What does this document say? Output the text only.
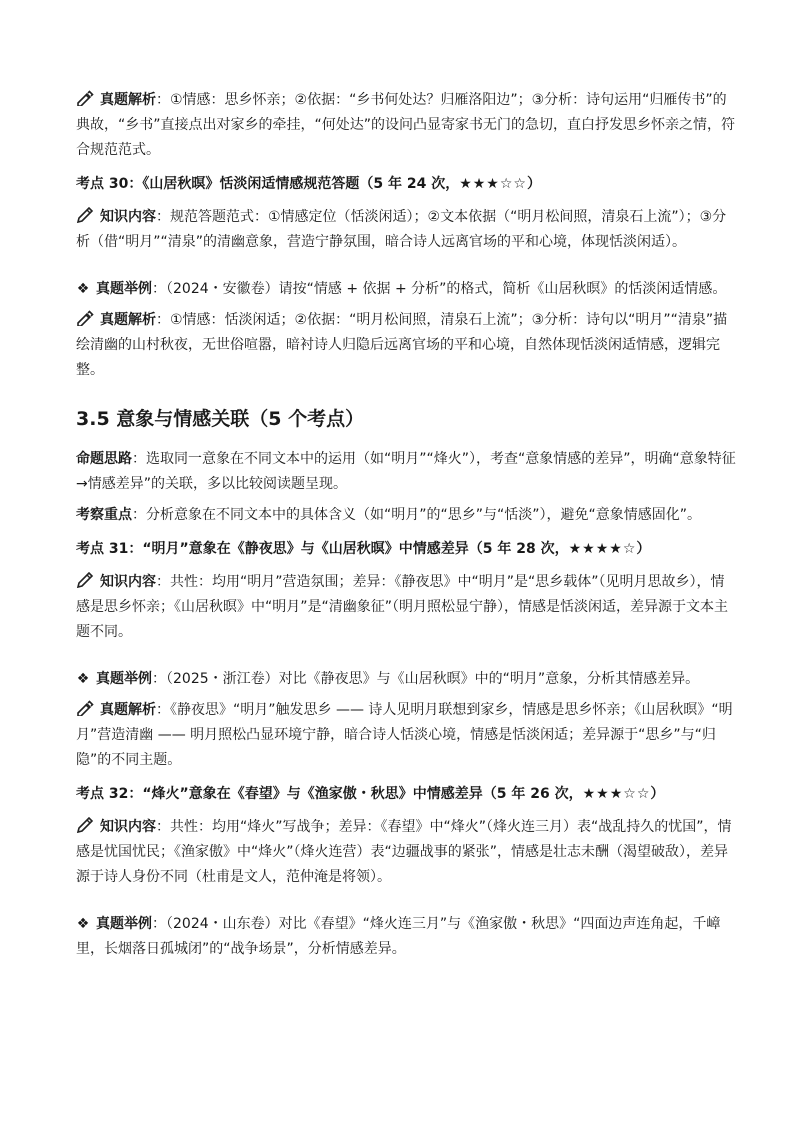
真题解析：①情感：思乡怀亲；②依据：“乡书何处达？归雁洛阳边”；③分析：诗句运用“归雁传书”的典故，“乡书”直接点出对家乡的牵挂，“何处达”的设问凸显寄家书无门的急切，直白抒发思乡怀亲之情，符合规范范式。

考点 30：《山居秋暝》恬淡闲适情感规范答题（5 年 24 次，★★★☆☆）

知识内容：规范答题范式：①情感定位（恬淡闲适）；②文本依据（“明月松间照，清泉石上流”）；③分析（借“明月”“清泉”的清幽意象，营造宁静氛围，暗合诗人远离官场的平和心境，体现恬淡闲适）。

❖ 真题举例：（2024・安徽卷）请按“情感 + 依据 + 分析”的格式，简析《山居秋暝》的恬淡闲适情感。

真题解析：①情感：恬淡闲适；②依据：“明月松间照，清泉石上流”；③分析：诗句以“明月”“清泉”描绘清幽的山村秋夜，无世俗喧嚣，暗衬诗人归隐后远离官场的平和心境，自然体现恬淡闲适情感，逻辑完整。

3.5 意象与情感关联（5 个考点）

命题思路：选取同一意象在不同文本中的运用（如“明月”“烽火”），考查“意象情感的差异”，明确“意象特征→情感差异”的关联，多以比较阅读题呈现。

考察重点：分析意象在不同文本中的具体含义（如“明月”的“思乡”与“恬淡”），避免“意象情感固化”。

考点 31：“明月”意象在《静夜思》与《山居秋暝》中情感差异（5 年 28 次，★★★★☆）

知识内容：共性：均用“明月”营造氛围；差异：《静夜思》中“明月”是“思乡载体”（见明月思故乡），情感是思乡怀亲；《山居秋暝》中“明月”是“清幽象征”（明月照松显宁静），情感是恬淡闲适，差异源于文本主题不同。

❖ 真题举例：（2025・浙江卷）对比《静夜思》与《山居秋暝》中的“明月”意象，分析其情感差异。

真题解析：《静夜思》“明月”触发思乡 —— 诗人见明月联想到家乡，情感是思乡怀亲；《山居秋暝》“明月”营造清幽 —— 明月照松凸显环境宁静，暗合诗人恬淡心境，情感是恬淡闲适；差异源于“思乡”与“归隐”的不同主题。

考点 32：“烽火”意象在《春望》与《渔家傲・秋思》中情感差异（5 年 26 次，★★★☆☆）

知识内容：共性：均用“烽火”写战争；差异：《春望》中“烽火”（烽火连三月）表“战乱持久的忧国”，情感是忧国忧民；《渔家傲》中“烽火”（烽火连营）表“边疆战事的紧张”，情感是壮志未酬（渴望破敌），差异源于诗人身份不同（杜甫是文人，范仲淹是将领）。

❖ 真题举例：（2024・山东卷）对比《春望》“烽火连三月”与《渔家傲・秋思》“四面边声连角起，千嶂里，长烟落日孤城闭”的“战争场景”，分析情感差异。
